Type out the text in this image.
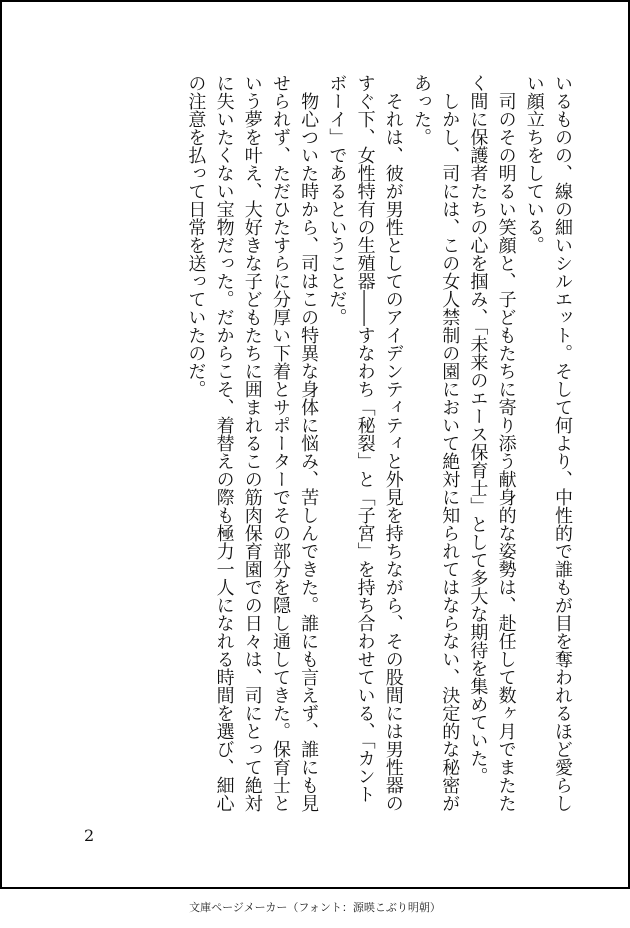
いるものの、線の細いシルエット。そして何より、中性的で誰もが目を奪われるほど愛らしい顔立ちをしている。

司のその明るい笑顔と、子どもたちに寄り添う献身的な姿勢は、赴任して数ヶ月でまたたく間に保護者たちの心を掴み、「未来のエース保育士」として多大な期待を集めていた。

しかし、司には、この女人禁制の園において絶対に知られてはならない、決定的な秘密があった。

それは、彼が男性としてのアイデンティティと外見を持ちながら、その股間には男性器のすぐ下、女性特有の生殖器――すなわち「秘裂」と「子宮」を持ち合わせている、「カントボーイ」であるということだ。

物心ついた時から、司はこの特異な身体に悩み、苦しんできた。誰にも言えず、誰にも見せられず、ただひたすらに分厚い下着とサポーターでその部分を隠し通してきた。保育士という夢を叶え、大好きな子どもたちに囲まれるこの筋肉保育園での日々は、司にとって絶対に失いたくない宝物だった。だからこそ、着替えの際も極力一人になれる時間を選び、細心の注意を払って日常を送っていたのだ。

2
文庫ページメーカー（フォント：源暎こぶり明朝）
